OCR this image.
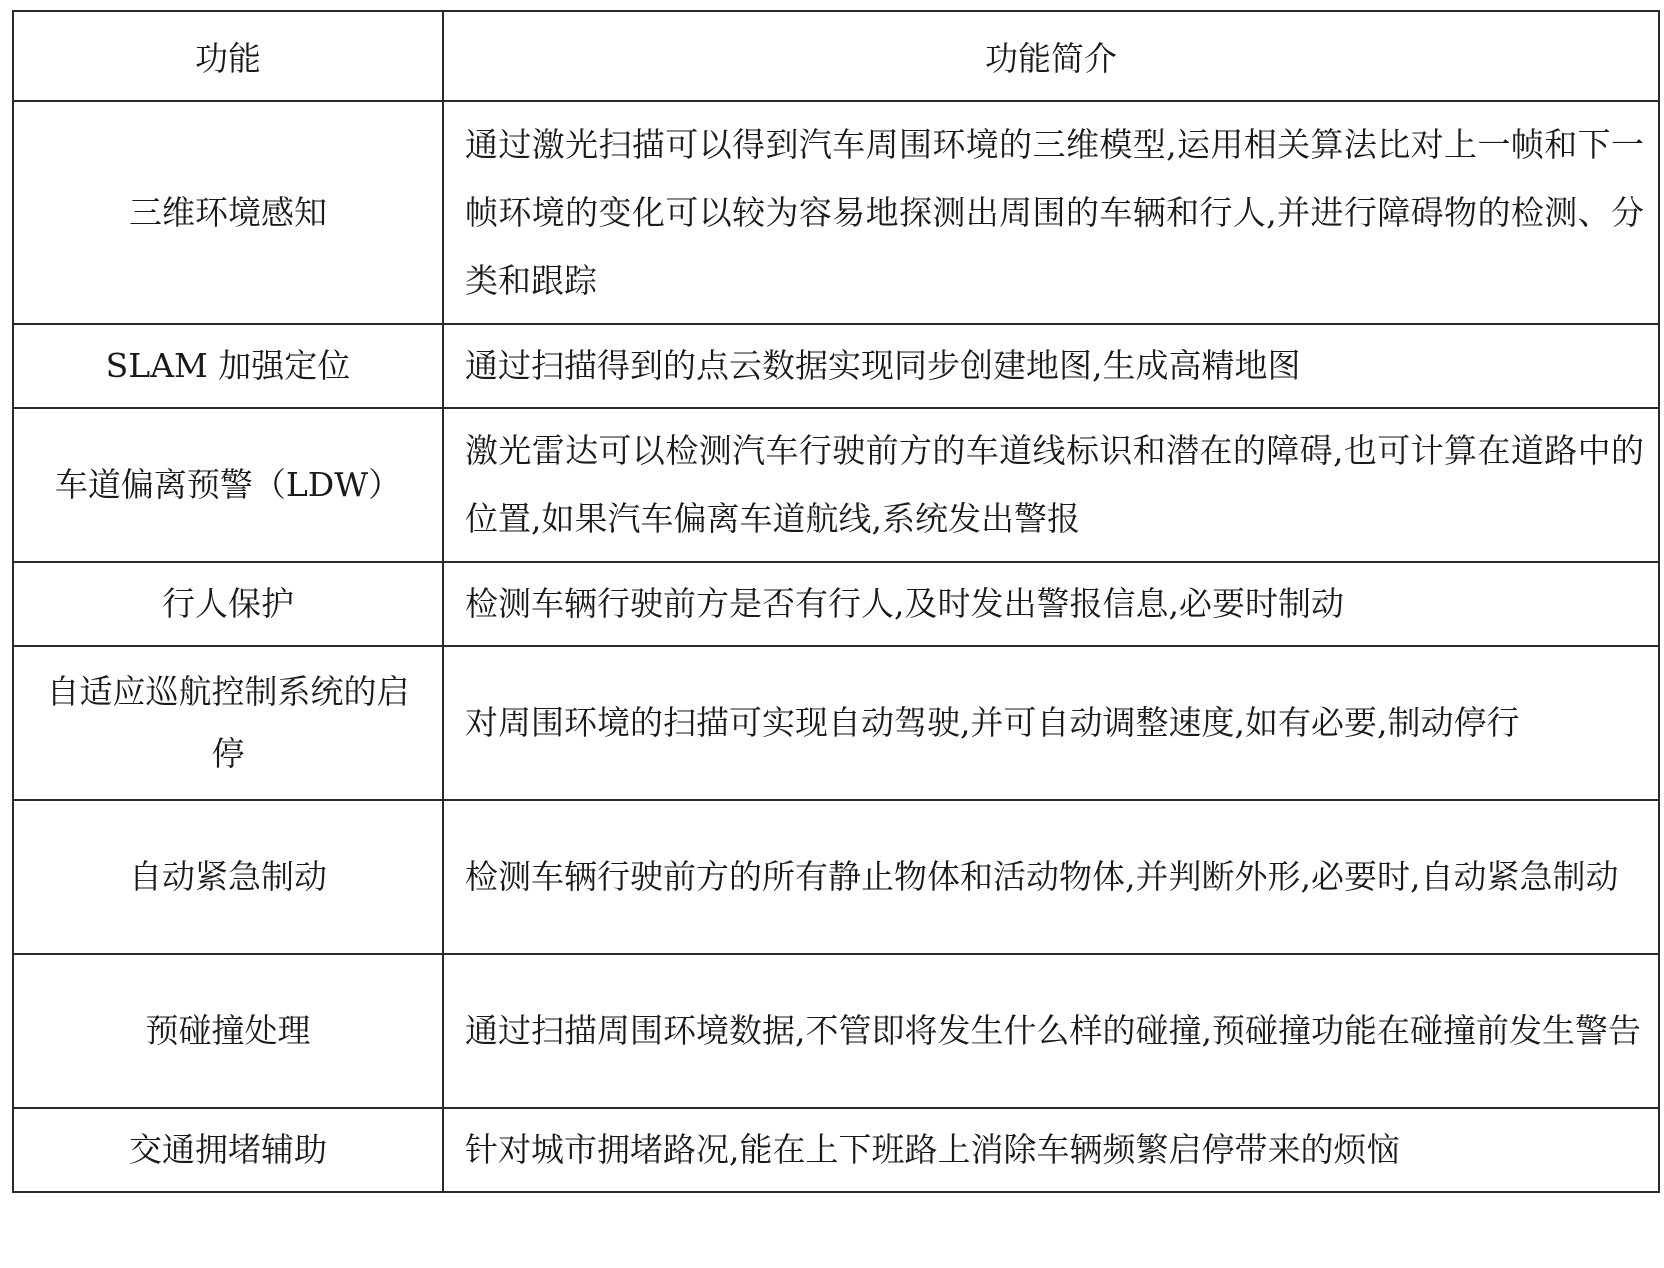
功能	功能简介
三维环境感知	通过激光扫描可以得到汽车周围环境的三维模型,运用相关算法比对上一帧和下一帧环境的变化可以较为容易地探测出周围的车辆和行人,并进行障碍物的检测、分类和跟踪
SLAM 加强定位	通过扫描得到的点云数据实现同步创建地图,生成高精地图
车道偏离预警（LDW）	激光雷达可以检测汽车行驶前方的车道线标识和潜在的障碍,也可计算在道路中的位置,如果汽车偏离车道航线,系统发出警报
行人保护	检测车辆行驶前方是否有行人,及时发出警报信息,必要时制动
自适应巡航控制系统的启停	对周围环境的扫描可实现自动驾驶,并可自动调整速度,如有必要,制动停行
自动紧急制动	检测车辆行驶前方的所有静止物体和活动物体,并判断外形,必要时,自动紧急制动
预碰撞处理	通过扫描周围环境数据,不管即将发生什么样的碰撞,预碰撞功能在碰撞前发生警告
交通拥堵辅助	针对城市拥堵路况,能在上下班路上消除车辆频繁启停带来的烦恼
